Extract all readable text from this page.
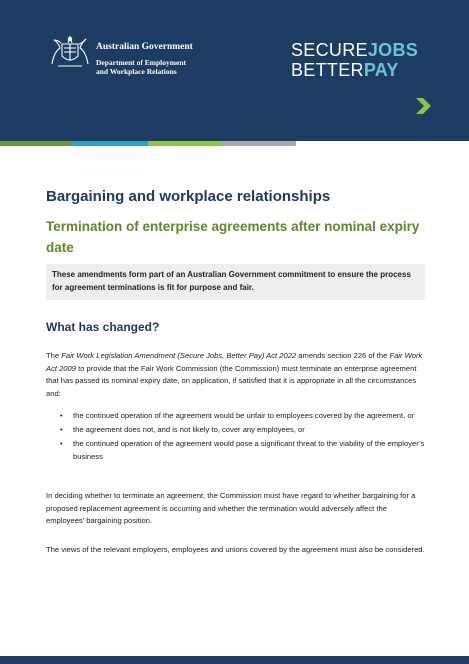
Australian Government
Department of Employment
and Workplace Relations
SECUREJOBS
BETTERPAY
Bargaining and workplace relationships
Termination of enterprise agreements after nominal expiry date

These amendments form part of an Australian Government commitment to ensure the process for agreement terminations is fit for purpose and fair.

What has changed?

The Fair Work Legislation Amendment (Secure Jobs, Better Pay) Act 2022 amends section 226 of the Fair Work Act 2009 to provide that the Fair Work Commission (the Commission) must terminate an enterprise agreement that has passed its nominal expiry date, on application, if satisfied that it is appropriate in all the circumstances and:

• the continued operation of the agreement would be unfair to employees covered by the agreement, or
• the agreement does not, and is not likely to, cover any employees, or
• the continued operation of the agreement would pose a significant threat to the viability of the employer’s business

In deciding whether to terminate an agreement, the Commission must have regard to whether bargaining for a proposed replacement agreement is occurring and whether the termination would adversely affect the employees’ bargaining position.

The views of the relevant employers, employees and unions covered by the agreement must also be considered.
